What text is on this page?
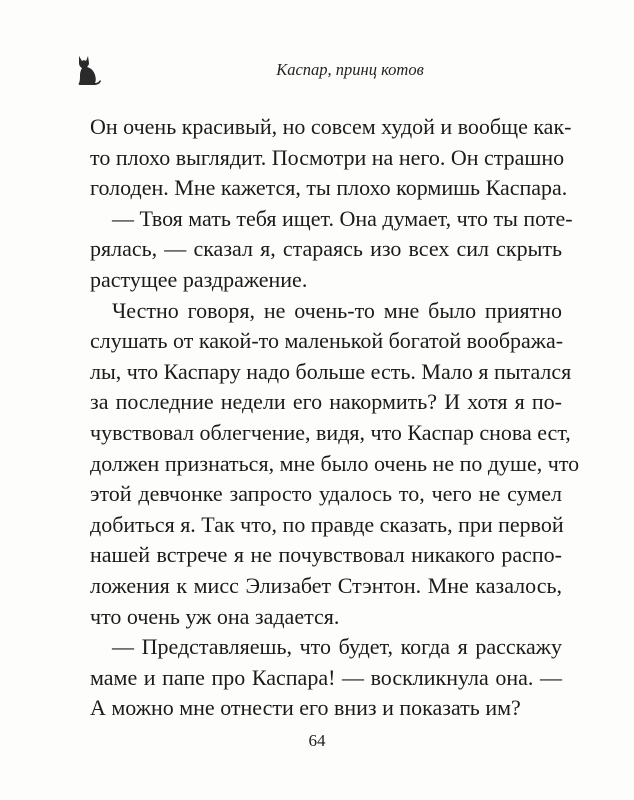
Каспар, принц котов

Он очень красивый, но совсем худой и вообще как-
то плохо выглядит. Посмотри на него. Он страшно
голоден. Мне кажется, ты плохо кормишь Каспара.

— Твоя мать тебя ищет. Она думает, что ты поте-
рялась, — сказал я, стараясь изо всех сил скрыть
растущее раздражение.

Честно говоря, не очень-то мне было приятно
слушать от какой-то маленькой богатой вообража-
лы, что Каспару надо больше есть. Мало я пытался
за последние недели его накормить? И хотя я по-
чувствовал облегчение, видя, что Каспар снова ест,
должен признаться, мне было очень не по душе, что
этой девчонке запросто удалось то, чего не сумел
добиться я. Так что, по правде сказать, при первой
нашей встрече я не почувствовал никакого распо-
ложения к мисс Элизабет Стэнтон. Мне казалось,
что очень уж она задается.

— Представляешь, что будет, когда я расскажу
маме и папе про Каспара! — воскликнула она. —
А можно мне отнести его вниз и показать им?

64
